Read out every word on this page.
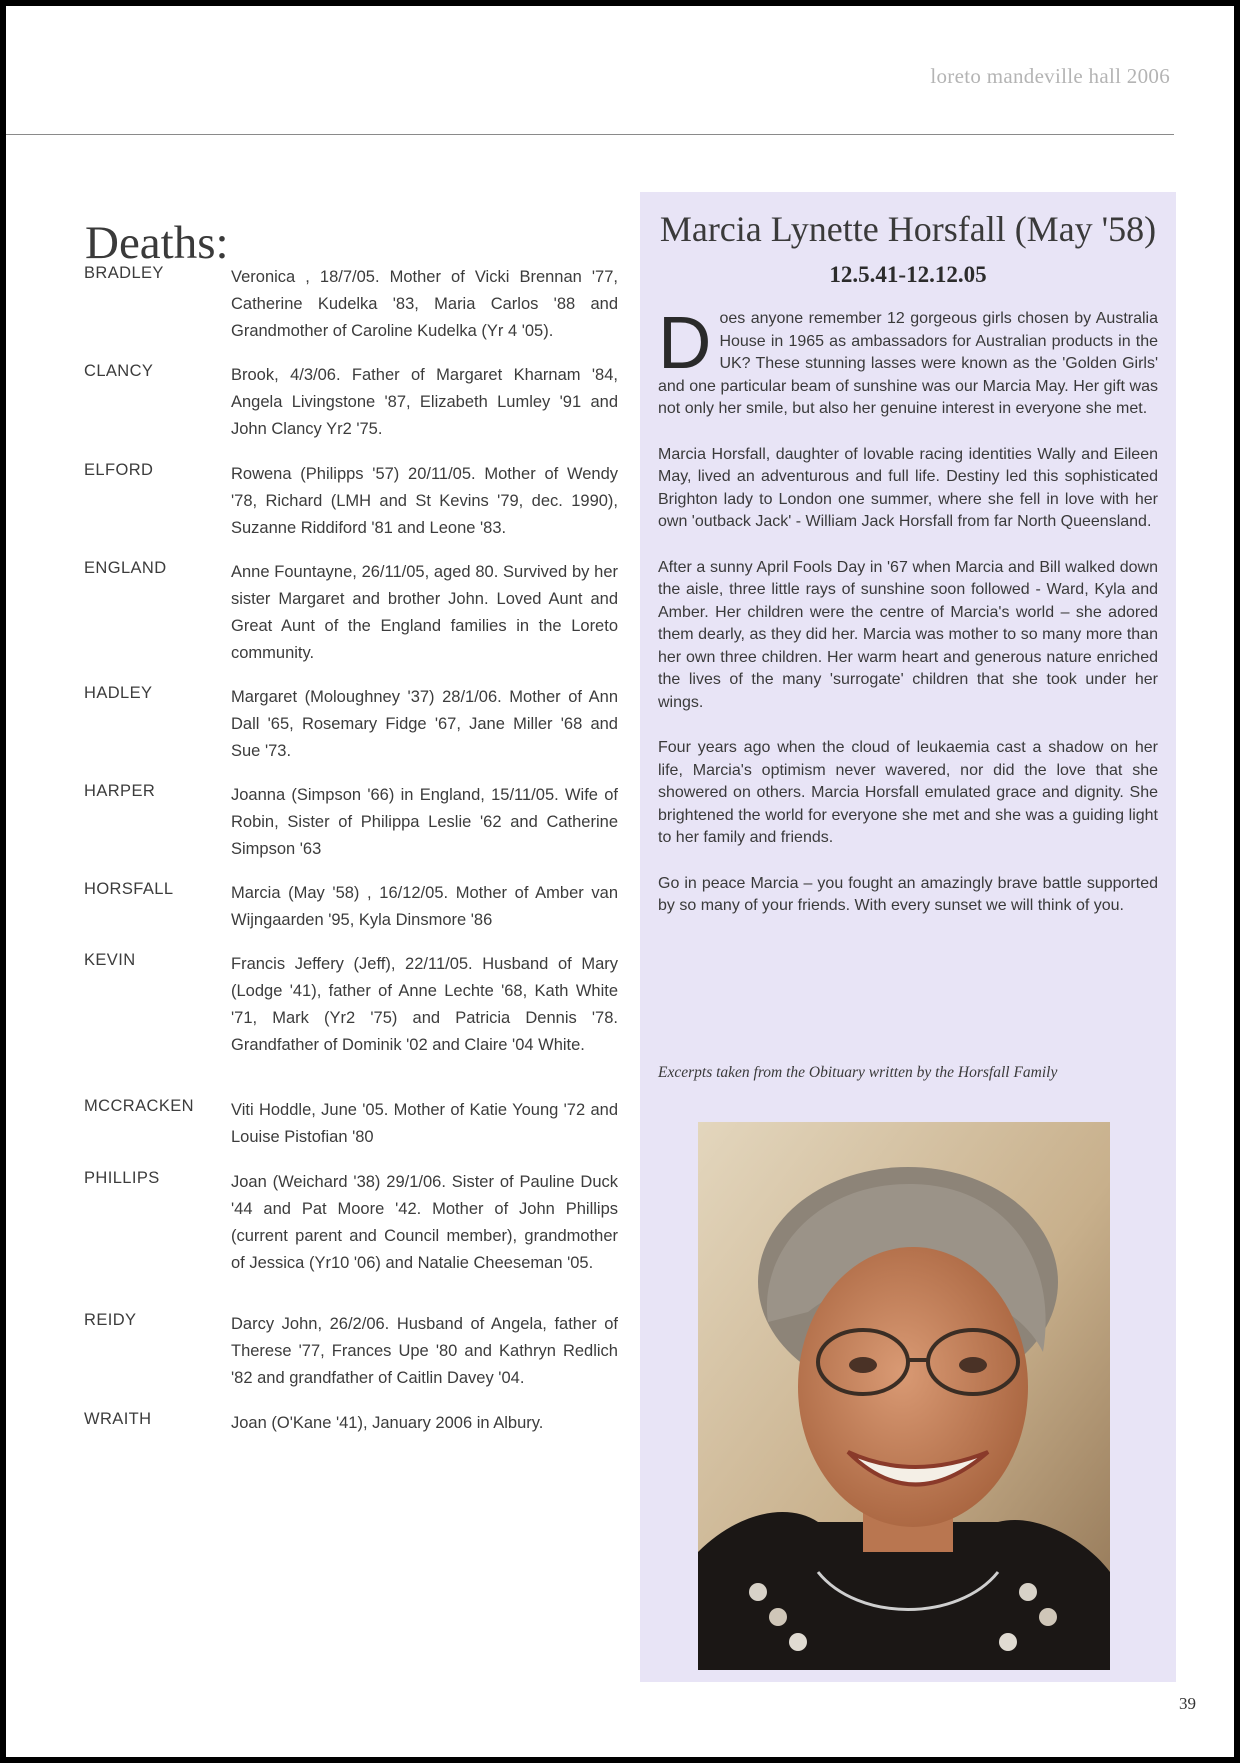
loreto mandeville hall 2006
Deaths:
BRADLEY	Veronica , 18/7/05. Mother of Vicki Brennan '77, Catherine Kudelka '83, Maria Carlos '88 and Grandmother of Caroline Kudelka (Yr 4 '05).
CLANCY	Brook, 4/3/06. Father of Margaret Kharnam '84, Angela Livingstone '87, Elizabeth Lumley '91 and John Clancy Yr2 '75.
ELFORD	Rowena (Philipps '57) 20/11/05. Mother of Wendy '78, Richard (LMH and St Kevins '79, dec. 1990), Suzanne Riddiford '81 and Leone '83.
ENGLAND	Anne Fountayne, 26/11/05, aged 80. Survived by her sister Margaret and brother John. Loved Aunt and Great Aunt of the England families in the Loreto community.
HADLEY	Margaret (Moloughney '37) 28/1/06. Mother of Ann Dall '65, Rosemary Fidge '67, Jane Miller '68 and Sue '73.
HARPER	Joanna (Simpson '66) in England, 15/11/05. Wife of Robin, Sister of Philippa Leslie '62 and Catherine Simpson '63
HORSFALL	Marcia (May '58) , 16/12/05. Mother of Amber van Wijngaarden '95, Kyla Dinsmore '86
KEVIN	Francis Jeffery (Jeff), 22/11/05. Husband of Mary (Lodge '41), father of Anne Lechte '68, Kath White '71, Mark (Yr2 '75) and Patricia Dennis '78. Grandfather of Dominik '02 and Claire '04 White.
MCCRACKEN Viti Hoddle, June '05. Mother of Katie Young '72 and Louise Pistofian '80
PHILLIPS	Joan (Weichard '38) 29/1/06. Sister of Pauline Duck '44 and Pat Moore '42. Mother of John Phillips (current parent and Council member), grandmother of Jessica (Yr10 '06) and Natalie Cheeseman '05.
REIDY	Darcy John, 26/2/06. Husband of Angela, father of Therese '77, Frances Upe '80 and Kathryn Redlich '82 and grandfather of Caitlin Davey '04.
WRAITH	Joan (O'Kane '41), January 2006 in Albury.
Marcia Lynette Horsfall (May '58)
12.5.41-12.12.05

Does anyone remember 12 gorgeous girls chosen by Australia House in 1965 as ambassadors for Australian products in the UK? These stunning lasses were known as the 'Golden Girls' and one particular beam of sunshine was our Marcia May. Her gift was not only her smile, but also her genuine interest in everyone she met.

Marcia Horsfall, daughter of lovable racing identities Wally and Eileen May, lived an adventurous and full life. Destiny led this sophisticated Brighton lady to London one summer, where she fell in love with her own 'outback Jack' - William Jack Horsfall from far North Queensland.

After a sunny April Fools Day in '67 when Marcia and Bill walked down the aisle, three little rays of sunshine soon followed - Ward, Kyla and Amber. Her children were the centre of Marcia's world – she adored them dearly, as they did her. Marcia was mother to so many more than her own three children. Her warm heart and generous nature enriched the lives of the many 'surrogate' children that she took under her wings.

Four years ago when the cloud of leukaemia cast a shadow on her life, Marcia's optimism never wavered, nor did the love that she showered on others. Marcia Horsfall emulated grace and dignity. She brightened the world for everyone she met and she was a guiding light to her family and friends.

Go in peace Marcia – you fought an amazingly brave battle supported by so many of your friends. With every sunset we will think of you.

Excerpts taken from the Obituary written by the Horsfall Family
39
